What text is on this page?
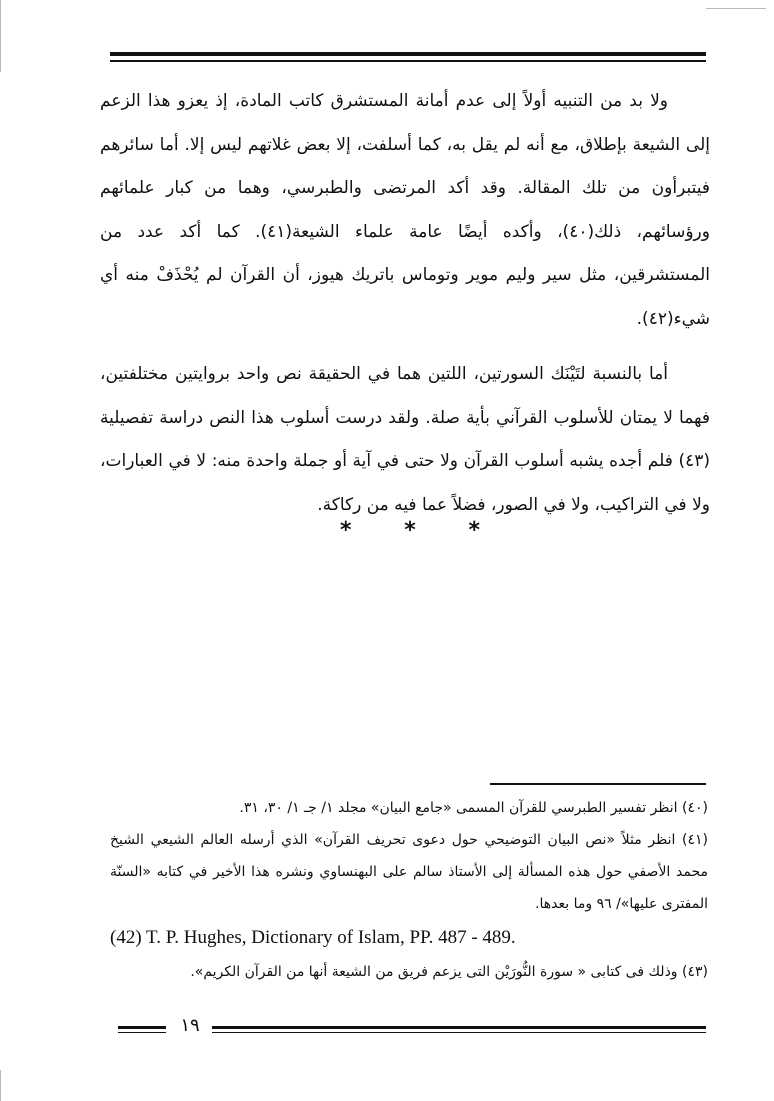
ولا بد من التنبيه أولاً إلى عدم أمانة المستشرق كاتب المادة، إذ يعزو هذا الزعم إلى الشيعة بإطلاق، مع أنه لم يقل به، كما أسلفت، إلا بعض غلاتهم ليس إلا. أما سائرهم فيتبرأون من تلك المقالة. وقد أكد المرتضى والطبرسي، وهما من كبار علمائهم ورؤسائهم، ذلك(٤٠)، وأكده أيضًا عامة علماء الشيعة(٤١). كما أكد عدد من المستشرقين، مثل سير وليم موير وتوماس باتريك هيوز، أن القرآن لم يُحْذَفْ منه أي شيء(٤٢).

أما بالنسبة لتَيْنَك السورتين، اللتين هما في الحقيقة نص واحد بروايتين مختلفتين، فهما لا يمتان للأسلوب القرآني بأية صلة. ولقد درست أسلوب هذا النص دراسة تفصيلية (٤٣) فلم أجده يشبه أسلوب القرآن ولا حتى في آية أو جملة واحدة منه: لا في العبارات، ولا في التراكيب، ولا في الصور، فضلاً عما فيه من ركاكة.

* * *

(٤٠) انظر تفسير الطبرسي للقرآن المسمى «جامع البيان» مجلد ١/ جـ ١/ ٣٠، ٣١.

(٤١) انظر مثلاً «نص البيان التوضيحي حول دعوى تحريف القرآن» الذي أرسله العالم الشيعي الشيخ محمد الأصفي حول هذه المسألة إلى الأستاذ سالم على البهنساوي ونشره هذا الأخير في كتابه «السنّة المفترى عليها»/ ٩٦ وما بعدها.

(42) T. P. Hughes, Dictionary of Islam, PP. 487 - 489.

(٤٣) وذلك فى كتابى « سورة النُّورَيْن التى يزعم فريق من الشيعة أنها من القرآن الكريم».

١٩
